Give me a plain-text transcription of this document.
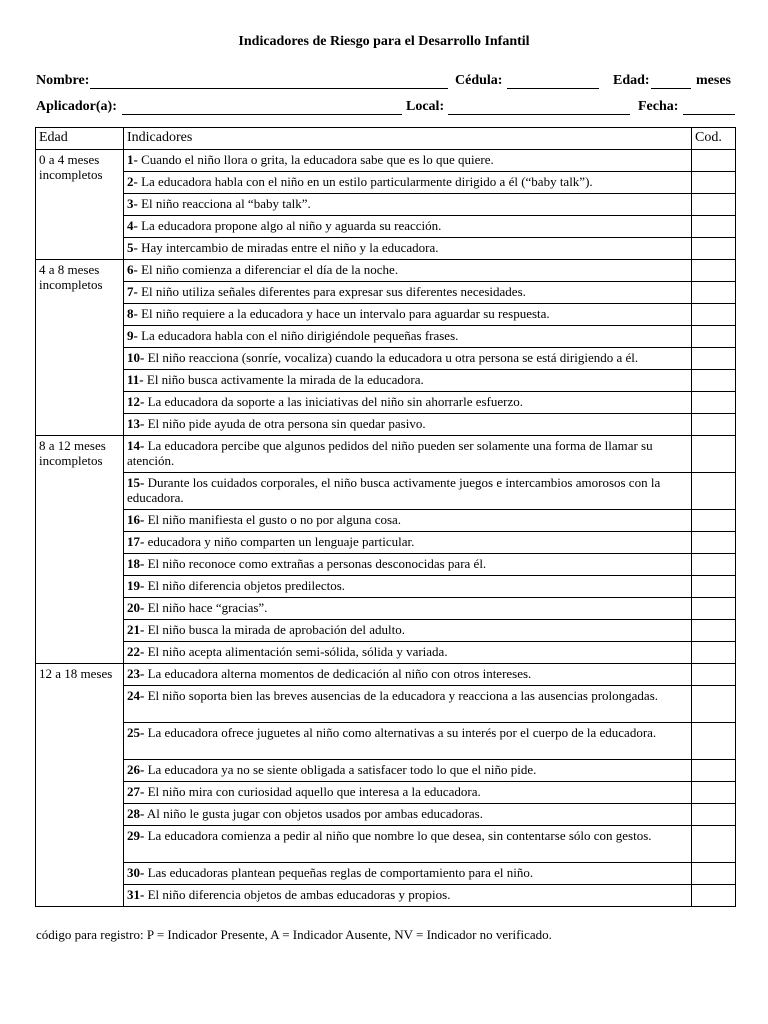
Indicadores de Riesgo para el Desarrollo Infantil
Nombre:	Cédula:	Edad:	meses
Aplicador(a):	Local:	Fecha:
Edad	Indicadores	Cod.
0 a 4 meses incompletos	1- Cuando el niño llora o grita, la educadora sabe que es lo que quiere.	
	2- La educadora habla con el niño en un estilo particularmente dirigido a él (“baby talk”).	
	3- El niño reacciona al “baby talk”.	
	4- La educadora propone algo al niño y aguarda su reacción.	
	5- Hay intercambio de miradas entre el niño y la educadora.	
4 a 8 meses incompletos	6- El niño comienza a diferenciar el día de la noche.	
	7- El niño utiliza señales diferentes para expresar sus diferentes necesidades.	
	8- El niño requiere a la educadora y hace un intervalo para aguardar su respuesta.	
	9- La educadora habla con el niño dirigiéndole pequeñas frases.	
	10- El niño reacciona (sonríe, vocaliza) cuando la educadora u otra persona se está dirigiendo a él.	
	11- El niño busca activamente la mirada de la educadora.	
	12- La educadora da soporte a las iniciativas del niño sin ahorrarle esfuerzo.	
	13- El niño pide ayuda de otra persona sin quedar pasivo.	
8 a 12 meses incompletos	14- La educadora percibe que algunos pedidos del niño pueden ser solamente una forma de llamar su atención.	
	15- Durante los cuidados corporales, el niño busca activamente juegos e intercambios amorosos con la educadora.	
	16- El niño manifiesta el gusto o no por alguna cosa.	
	17- educadora y niño comparten un lenguaje particular.	
	18- El niño reconoce como extrañas a personas desconocidas para él.	
	19- El niño diferencia objetos predilectos.	
	20- El niño hace “gracias”.	
	21- El niño busca la mirada de aprobación del adulto.	
	22- El niño acepta alimentación semi-sólida, sólida y variada.	
12 a 18 meses	23- La educadora alterna momentos de dedicación al niño con otros intereses.	
	24- El niño soporta bien las breves ausencias de la educadora y reacciona a las ausencias prolongadas.	
	25- La educadora ofrece juguetes al niño como alternativas a su interés por el cuerpo de la educadora.	
	26- La educadora ya no se siente obligada a satisfacer todo lo que el niño pide.	
	27- El niño mira con curiosidad aquello que interesa a la educadora.	
	28- Al niño le gusta jugar con objetos usados por ambas educadoras.	
	29- La educadora comienza a pedir al niño que nombre lo que desea, sin contentarse sólo con gestos.	
	30- Las educadoras plantean pequeñas reglas de comportamiento para el niño.	
	31- El niño diferencia objetos de ambas educadoras y propios.	
código para registro: P = Indicador Presente, A = Indicador Ausente, NV = Indicador no verificado.
